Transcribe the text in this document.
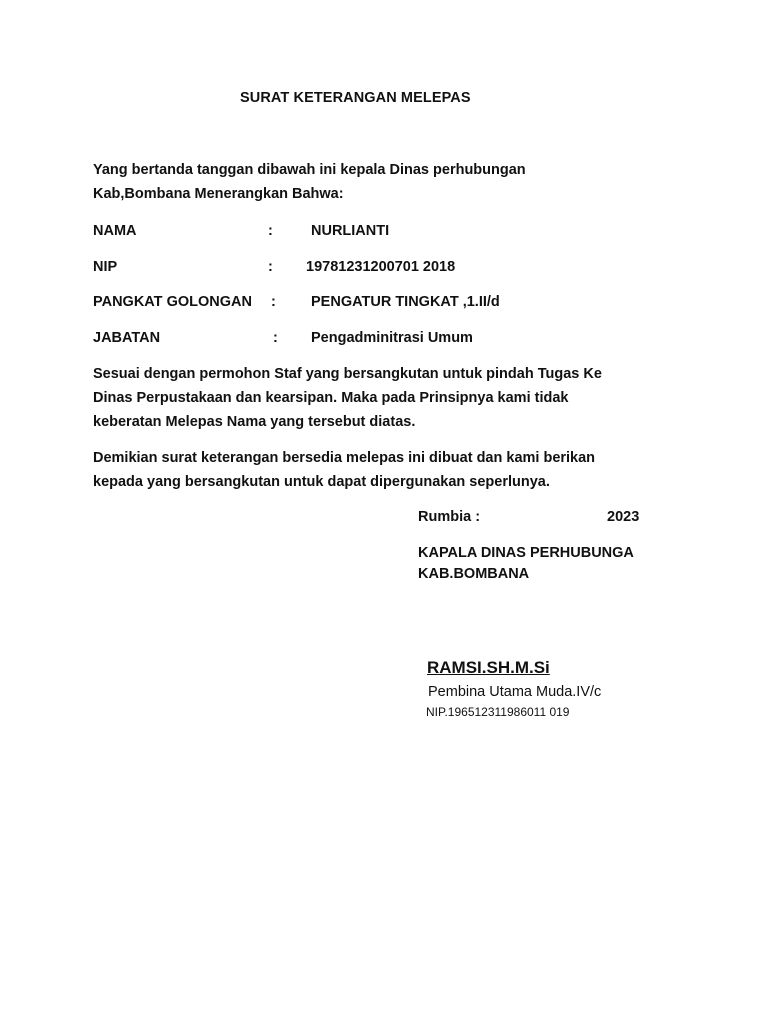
SURAT KETERANGAN MELEPAS
Yang bertanda tanggan dibawah ini kepala Dinas perhubungan
Kab,Bombana Menerangkan Bahwa:
NAMA	:	NURLIANTI
NIP	: 19781231200701 2018
PANGKAT GOLONGAN : PENGATUR TINGKAT ,1.II/d
JABATAN	: Pengadminitrasi Umum
Sesuai dengan permohon Staf yang bersangkutan untuk pindah Tugas Ke
Dinas Perpustakaan dan kearsipan. Maka pada Prinsipnya kami tidak
keberatan Melepas Nama yang tersebut diatas.
Demikian surat keterangan bersedia melepas ini dibuat dan kami berikan
kepada yang bersangkutan untuk dapat dipergunakan seperlunya.
Rumbia :	2023
KAPALA DINAS PERHUBUNGA
KAB.BOMBANA
RAMSI.SH.M.Si
Pembina Utama Muda.IV/c
NIP.196512311986011 019
